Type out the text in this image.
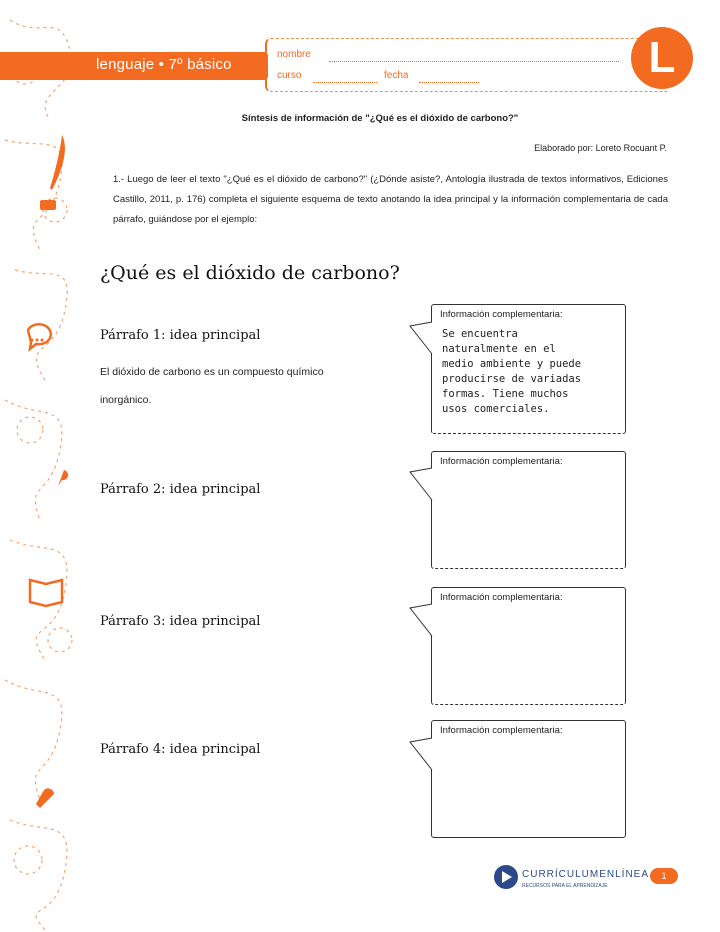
lenguaje • 7º básico
nombre
curso	fecha	L
Síntesis de información de "¿Qué es el dióxido de carbono?"
Elaborado por: Loreto Rocuant P.
1.- Luego de leer el texto "¿Qué es el dióxido de carbono?" (¿Dónde asiste?, Antología ilustrada de textos informativos, Ediciones Castillo, 2011, p. 176) completa el siguiente esquema de texto anotando la idea principal y la información complementaria de cada párrafo, guiándose por el ejemplo:
¿Qué es el dióxido de carbono?
Párrafo 1: idea principal
El dióxido de carbono es un compuesto químico inorgánico.
Información complementaria:
Se encuentra
naturalmente en el
medio ambiente y puede
producirse de variadas
formas. Tiene muchos
usos comerciales.
Párrafo 2: idea principal
Información complementaria:
Párrafo 3: idea principal
Información complementaria:
Párrafo 4: idea principal
Información complementaria:
CURRÍCULUMENLÍNEA
RECURSOS PARA EL APRENDIZAJE
1
